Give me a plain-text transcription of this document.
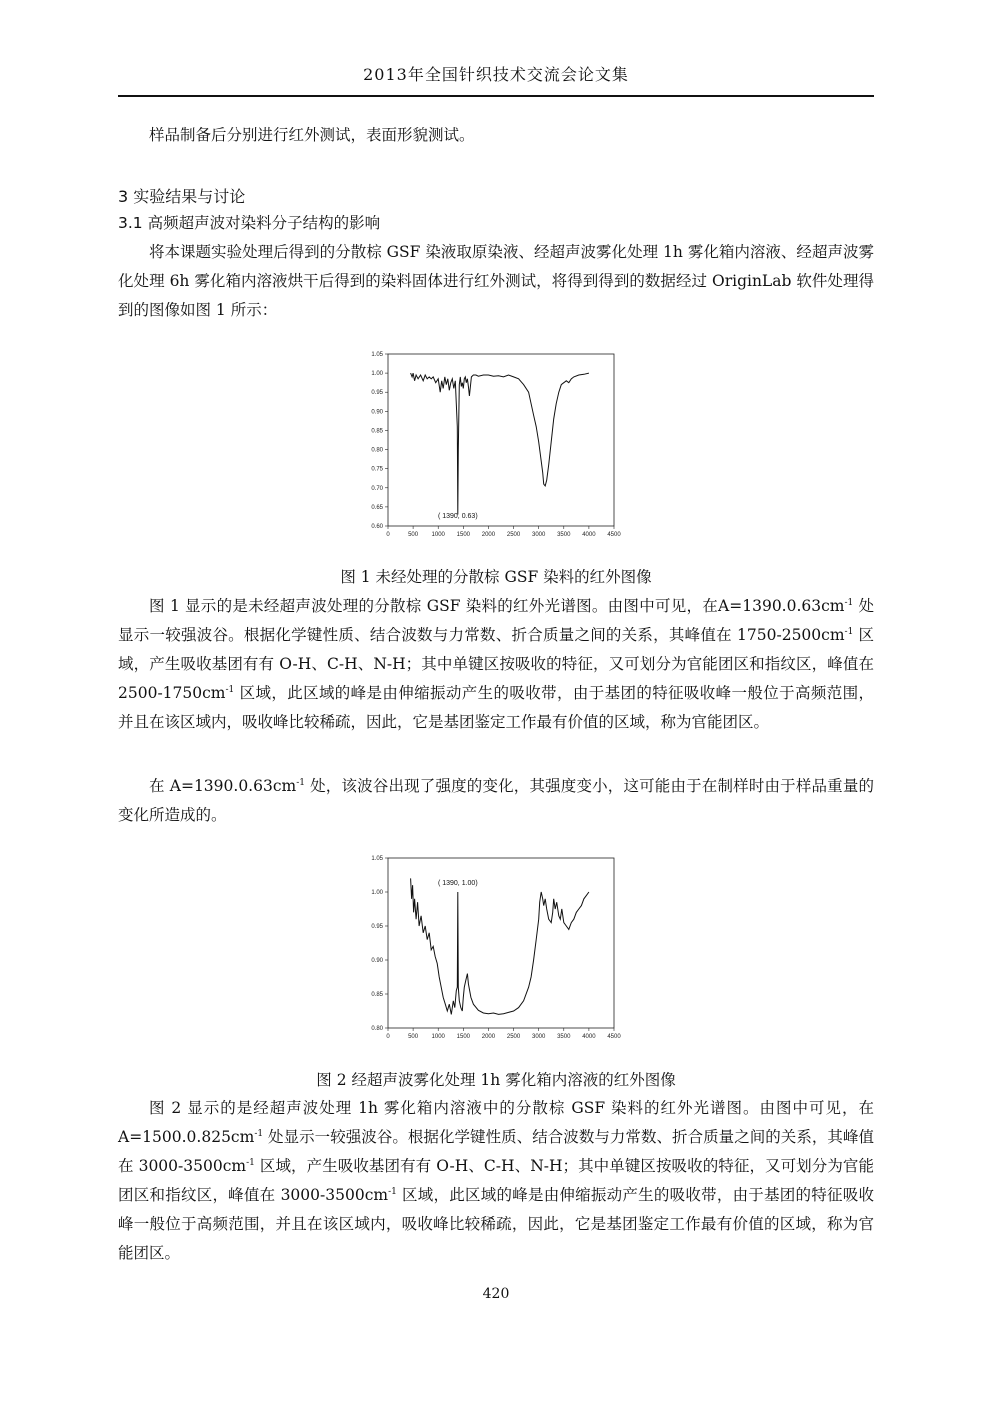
2013年全国针织技术交流会论文集

样品制备后分别进行红外测试，表面形貌测试。

3 实验结果与讨论
3.1 高频超声波对染料分子结构的影响

将本课题实验处理后得到的分散棕 GSF 染液取原染液、经超声波雾化处理 1h 雾化箱内溶液、经超声波雾化处理 6h 雾化箱内溶液烘干后得到的染料固体进行红外测试，将得到得到的数据经过 OriginLab 软件处理得到的图像如图 1 所示：

0	500 1000 1500 2000 2500 3000 3500 4000 4500
0.60
0.65
0.70
0.75
0.80
0.85
0.90
0.95
1.00
1.05
( 1390, 0.63)
图 1 未经处理的分散棕 GSF 染料的红外图像

图 1 显示的是未经超声波处理的分散棕 GSF 染料的红外光谱图。由图中可见，在$A=1390.0.63cm^{-1}$ 处显示一较强波谷。根据化学键性质、结合波数与力常数、折合质量之间的关系，其峰值在 $1750-2500cm^{-1}$ 区域，产生吸收基团有有 O-H、C-H、N-H；其中单键区按吸收的特征，又可划分为官能团区和指纹区，峰值在 $2500-1750cm^{-1}$ 区域，此区域的峰是由伸缩振动产生的吸收带，由于基团的特征吸收峰一般位于高频范围，并且在该区域内，吸收峰比较稀疏，因此，它是基团鉴定工作最有价值的区域，称为官能团区。

在 $A=1390.0.63cm^{-1}$ 处，该波谷出现了强度的变化，其强度变小，这可能由于在制样时由于样品重量的变化所造成的。

0	500 1000 1500 2000 2500 3000 3500 4000 4500
0.80
0.85
0.90
0.95
1.00
1.05
( 1390, 1.00)
图 2 经超声波雾化处理 1h 雾化箱内溶液的红外图像

图 2 显示的是经超声波处理 1h 雾化箱内溶液中的分散棕 GSF 染料的红外光谱图。由图中可见，在 $A=1500.0.825cm^{-1}$ 处显示一较强波谷。根据化学键性质、结合波数与力常数、折合质量之间的关系，其峰值在 $3000-3500cm^{-1}$ 区域，产生吸收基团有有 O-H、C-H、N-H；其中单键区按吸收的特征，又可划分为官能团区和指纹区，峰值在 $3000-3500cm^{-1}$ 区域，此区域的峰是由伸缩振动产生的吸收带，由于基团的特征吸收峰一般位于高频范围，并且在该区域内，吸收峰比较稀疏，因此，它是基团鉴定工作最有价值的区域，称为官能团区。

420
